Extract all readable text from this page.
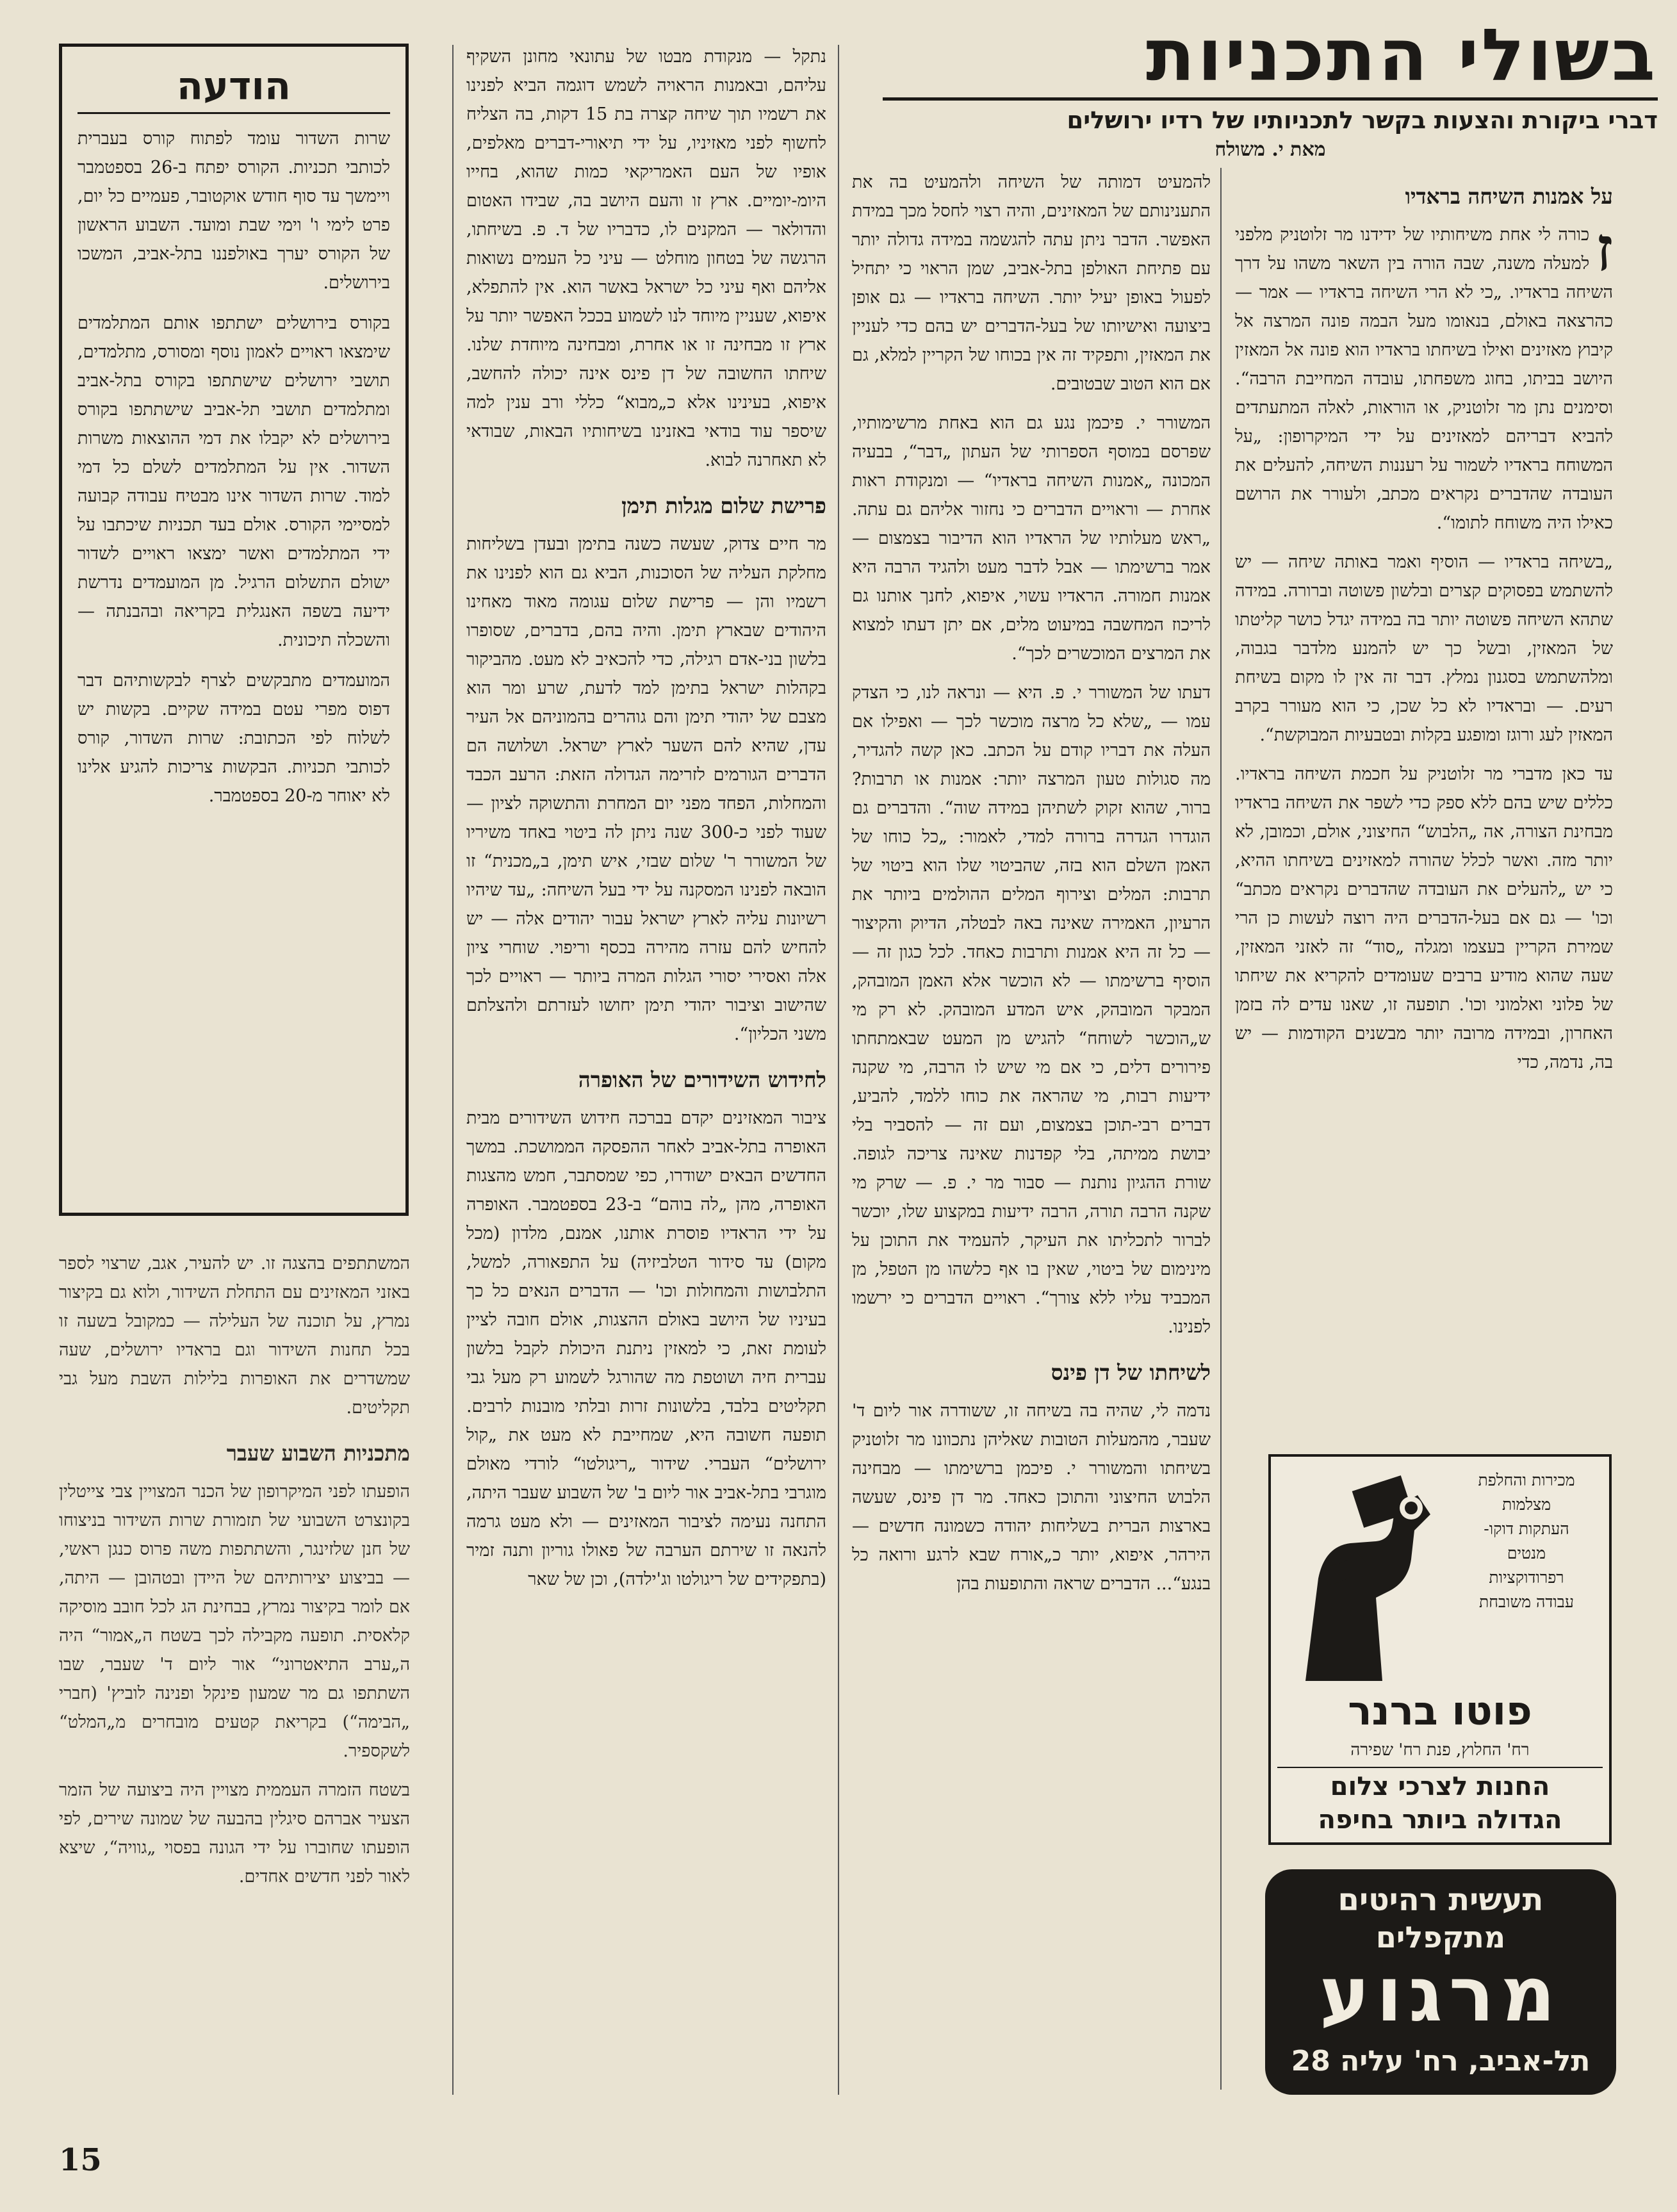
בשולי התכניות
דברי ביקורת והצעות בקשר לתכניותיו של רדיו ירושלים
מאת י. משולח
על אמנות השיחה בראדיו

ז
כורה לי אחת משיחותיו של ידידנו מר זלוטניק מלפני למעלה משנה, שבה הורה בין השאר משהו על דרך השיחה בראדיו. „כי לא הרי השיחה בראדיו — אמר — כהרצאה באולם, בנאומו מעל הבמה פונה המרצה אל קיבוץ מאזינים ואילו בשיחתו בראדיו הוא פונה אל המאזין היושב בביתו, בחוג משפחתו, עובדה המחייבת הרבה“. וסימנים נתן מר זלוטניק, או הוראות, לאלה המתעתדים להביא דבריהם למאזינים על ידי המיקרופון: „על המשוחח בראדיו לשמור על רעננות השיחה, להעלים את העובדה שהדברים נקראים מכתב, ולעורר את הרושם כאילו היה משוחח לתומו“.

„בשיחה בראדיו — הוסיף ואמר באותה שיחה — יש להשתמש בפסוקים קצרים ובלשון פשוטה וברורה. במידה שתהא השיחה פשוטה יותר בה במידה יגדל כושר קליטתו של המאזין, ובשל כך יש להמנע מלדבר בגבוה, ומלהשתמש בסגנון נמלץ. דבר זה אין לו מקום בשיחת רעים. — ובראדיו לא כל שכן, כי הוא מעורר בקרב המאזין לעג ורוגז ומופגע בקלות ובטבעיות המבוקשת“.

עד כאן מדברי מר זלוטניק על חכמת השיחה בראדיו. כללים שיש בהם ללא ספק כדי לשפר את השיחה בראדיו מבחינת הצורה, אה „הלבוש“ החיצוני, אולם, וכמובן, לא יותר מזה. ואשר לכלל שהורה למאזינים בשיחתו ההיא, כי יש „להעלים את העובדה שהדברים נקראים מכתב“ וכו' — גם אם בעל-הדברים היה רוצה לעשות כן הרי שמירת הקריין בעצמו ומגלה „סוד“ זה לאזני המאזין, שעה שהוא מודיע ברבים שעומדים להקריא את שיחתו של פלוני ואלמוני וכו'. תופעה זו, שאנו עדים לה בזמן האחרון, ובמידה מרובה יותר מבשנים הקודמות — יש בה, נדמה, כדי

להמעיט דמותה של השיחה ולהמעיט בה את התענינותם של המאזינים, והיה רצוי לחסל מכך במידת האפשר. הדבר ניתן עתה להגשמה במידה גדולה יותר עם פתיחת האולפן בתל-אביב, שמן הראוי כי יתחיל לפעול באופן יעיל יותר. השיחה בראדיו — גם אופן ביצועה ואישיותו של בעל-הדברים יש בהם כדי לעניין את המאזין, ותפקיד זה אין בכוחו של הקריין למלא, גם אם הוא הטוב שבטובים.

המשורר י. פיכמן נגע גם הוא באחת מרשימותיו, שפרסם במוסף הספרותי של העתון „דבר“, בבעיה המכונה „אמנות השיחה בראדיו“ — ומנקודת ראות אחרת — וראויים הדברים כי נחזור אליהם גם עתה. „ראש מעלותיו של הראדיו הוא הדיבור בצמצום — אמר ברשימתו — אבל לדבר מעט ולהגיד הרבה היא אמנות חמורה. הראדיו עשוי, איפוא, לחנך אותנו גם לריכוז המחשבה במיעוט מלים, אם יתן דעתו למצוא את המרצים המוכשרים לכך“.

דעתו של המשורר י. פ. היא — ונראה לנו, כי הצדק עמו — „שלא כל מרצה מוכשר לכך — ואפילו אם העלה את דבריו קודם על הכתב. כאן קשה להגדיר, מה סגולות טעון המרצה יותר: אמנות או תרבות? ברור, שהוא זקוק לשתיהן במידה שוה“. והדברים גם הוגדרו הגדרה ברורה למדי, לאמור: „כל כוחו של האמן השלם הוא בזה, שהביטוי שלו הוא ביטוי של תרבות: המלים וצירוף המלים ההולמים ביותר את הרעיון, האמירה שאינה באה לבטלה, הדיוק והקיצור — כל זה היא אמנות ותרבות כאחד. לכל כגון זה — הוסיף ברשימתו — לא הוכשר אלא האמן המובהק, המבקר המובהק, איש המדע המובהק. לא רק מי ש„הוכשר לשוחח“ להגיש מן המעט שבאמתחתו פירורים דלים, כי אם מי שיש לו הרבה, מי שקנה ידיעות רבות, מי שהראה את כוחו ללמד, להביע, דברים רבי-תוכן בצמצום, ועם זה — להסביר בלי יבושת ממיתה, בלי קפדנות שאינה צריכה לגופה. שורת ההגיון נותנת — סבור מר י. פ. — שרק מי שקנה הרבה תורה, הרבה ידיעות במקצוע שלו, יוכשר לברור לתכליתו את העיקר, להעמיד את התוכן על מינימום של ביטוי, שאין בו אף כלשהו מן הטפל, מן המכביד עליו ללא צורך“. ראויים הדברים כי ירשמו לפנינו.

לשיחתו של דן פינס

נדמה לי, שהיה בה בשיחה זו, ששודרה אור ליום ד' שעבר, מהמעלות הטובות שאליהן נתכוונו מר זלוטניק בשיחתו והמשורר י. פיכמן ברשימתו — מבחינה הלבוש החיצוני והתוכן כאחד. מר דן פינס, שעשה בארצות הברית בשליחות יהודה כשמונה חדשים — הירהר, איפוא, יותר כ„אורח שבא לרגע ורואה כל בנגע“... הדברים שראה והתופעות בהן

נתקל — מנקודת מבטו של עתונאי מחונן השקיף עליהם, ובאמנות הראויה לשמש דוגמה הביא לפנינו את רשמיו תוך שיחה קצרה בת 15 דקות, בה הצליח לחשוף לפני מאזיניו, על ידי תיאורי-דברים מאלפים, אופיו של העם האמריקאי כמות שהוא, בחייו היומ-יומיים. ארץ זו והעם היושב בה, שבידו האטום והדולאר — המקנים לו, כדבריו של ד. פ. בשיחתו, הרגשה של בטחון מוחלט — עיני כל העמים נשואות אליהם ואף עיני כל ישראל באשר הוא. אין להתפלא, איפוא, שעניין מיוחד לנו לשמוע בככל האפשר יותר על ארץ זו מבחינה זו או אחרת, ומבחינה מיוחדת שלנו. שיחתו החשובה של דן פינס אינה יכולה להחשב, איפוא, בעינינו אלא כ„מבוא“ כללי ורב ענין למה שיספר עוד בודאי באזנינו בשיחותיו הבאות, שבודאי לא תאחרנה לבוא.

פרישת שלום מגלות תימן

מר חיים צדוק, שעשה כשנה בתימן ובעדן בשליחות מחלקת העליה של הסוכנות, הביא גם הוא לפנינו את רשמיו והן — פרישת שלום עגומה מאוד מאחינו היהודים שבארץ תימן. והיה בהם, בדברים, שסופרו בלשון בני-אדם רגילה, כדי להכאיב לא מעט. מהביקור בקהלות ישראל בתימן למד לדעת, שרע ומר הוא מצבם של יהודי תימן והם גוהרים בהמוניהם אל העיר עדן, שהיא להם השער לארץ ישראל. ושלושה הם הדברים הגורמים לזרימה הגדולה הזאת: הרעב הכבד והמחלות, הפחד מפני יום המחרת והתשוקה לציון — שעוד לפני כ-300 שנה ניתן לה ביטוי באחד משיריו של המשורר ר' שלום שבזי, איש תימן, ב„מכנית“ זו הובאה לפנינו המסקנה על ידי בעל השיחה: „עד שיהיו רשיונות עליה לארץ ישראל עבור יהודים אלה — יש להחיש להם עזרה מהירה בכסף וריפוי. שוחרי ציון אלה ואסירי יסורי הגלות המרה ביותר — ראויים לכך שהישוב וציבור יהודי תימן יחושו לעזרתם ולהצלתם משני הכליון“.

לחידוש השידורים של האופרה

ציבור המאזינים יקדם בברכה חידוש השידורים מבית האופרה בתל-אביב לאחר ההפסקה הממושכת. במשך החדשים הבאים ישודרו, כפי שמסתבר, חמש מהצגות האופרה, מהן „לה בוהם“ ב-23 בספטמבר. האופרה על ידי הראדיו פוסרת אותנו, אמנם, מלדון (מכל מקום) עד סידור הטלביזיה) על התפאורה, למשל, התלבושות והמחולות וכו' — הדברים הנאים כל כך בעיניו של היושב באולם ההצגות, אולם חובה לציין לעומת זאת, כי למאזין ניתנת היכולת לקבל בלשון עברית חיה ושוטפת מה שהורגל לשמוע רק מעל גבי תקליטים בלבד, בלשונות זרות ובלתי מובנות לרבים. תופעה חשובה היא, שמחייבת לא מעט את „קול ירושלים“ העברי. שידור „ריגולטו“ לורדי מאולם מוגרבי בתל-אביב אור ליום ב' של השבוע שעבר היתה, התחנה נעימה לציבור המאזינים — ולא מעט גרמה להנאה זו שירתם הערבה של פאולו גוריון ותנה זמיר (בתפקידים של ריגולטו וג'ילדה), וכן של שאר

הודעה

שרות השדור עומד לפתוח קורס בעברית לכותבי תכניות. הקורס יפתח ב-26 בספטמבר ויימשך עד סוף חודש אוקטובר, פעמיים כל יום, פרט לימי ו' וימי שבת ומועד. השבוע הראשון של הקורס יערך באולפננו בתל-אביב, המשכו בירושלים.

בקורס בירושלים ישתתפו אותם המתלמדים שימצאו ראויים לאמון נוסף ומסורס, מתלמדים, תושבי ירושלים שישתתפו בקורס בתל-אביב ומתלמדים תושבי תל-אביב שישתתפו בקורס בירושלים לא יקבלו את דמי ההוצאות משרות השדור. אין על המתלמדים לשלם כל דמי למוד. שרות השדור אינו מבטיח עבודה קבועה למסיימי הקורס. אולם בעד תכניות שיכתבו על ידי המתלמדים ואשר ימצאו ראויים לשדור ישולם התשלום הרגיל. מן המועמדים נדרשת ידיעה בשפה האנגלית בקריאה ובהבנתה — והשכלה תיכונית.

המועמדים מתבקשים לצרף לבקשותיהם דבר דפוס מפרי עטם במידה שקיים. בקשות יש לשלוח לפי הכתובת: שרות השדור, קורס לכותבי תכניות. הבקשות צריכות להגיע אלינו לא יאוחר מ-20 בספטמבר.

המשתתפים בהצגה זו. יש להעיר, אגב, שרצוי לספר באזני המאזינים עם התחלת השידור, ולוא גם בקיצור נמרץ, על תוכנה של העלילה — כמקובל בשעה זו בכל תחנות השידור וגם בראדיו ירושלים, שעה שמשדרים את האופרות בלילות השבת מעל גבי תקליטים.

מתכניות השבוע שעבר

הופעתו לפני המיקרופון של הכנר המצויין צבי צייטלין בקונצרט השבועי של תזמורת שרות השידור בניצוחו של חנן שלזינגר, והשתתפות משה פרוס כנגן ראשי, — בביצוע יצירותיהם של היידן ובטהובן — היתה, אם לומר בקיצור נמרץ, בבחינת הג לכל חובב מוסיקה קלאסית. תופעה מקבילה לכך בשטח ה„אמור“ היה ה„ערב התיאטרוני“ אור ליום ד' שעבר, שבו השתתפו גם מר שמעון פינקל ופנינה לוביץ' (חברי „הבימה“) בקריאת קטעים מובחרים מ„המלט“ לשקספיר.

בשטח הזמרה העממית מצויין היה ביצועה של הזמר הצעיר אברהם סיגלין בהבעה של שמונה שירים, לפי הופעתו שחוברו על ידי הגונה בפסוי „גוויה“, שיצא לאור לפני חדשים אחדים.

מכירות והחלפת
מצלמות
העתקות דוקו-
מנטים
רפרודוקציות
עבודה משובחת
פוטו ברנר
רח' החלוץ, פנת רח' שפירה
החנות לצרכי צלום
הגדולה ביותר בחיפה
תעשית רהיטים
מתקפלים
מרגוע
תל-אביב, רח' עליה 28
15
